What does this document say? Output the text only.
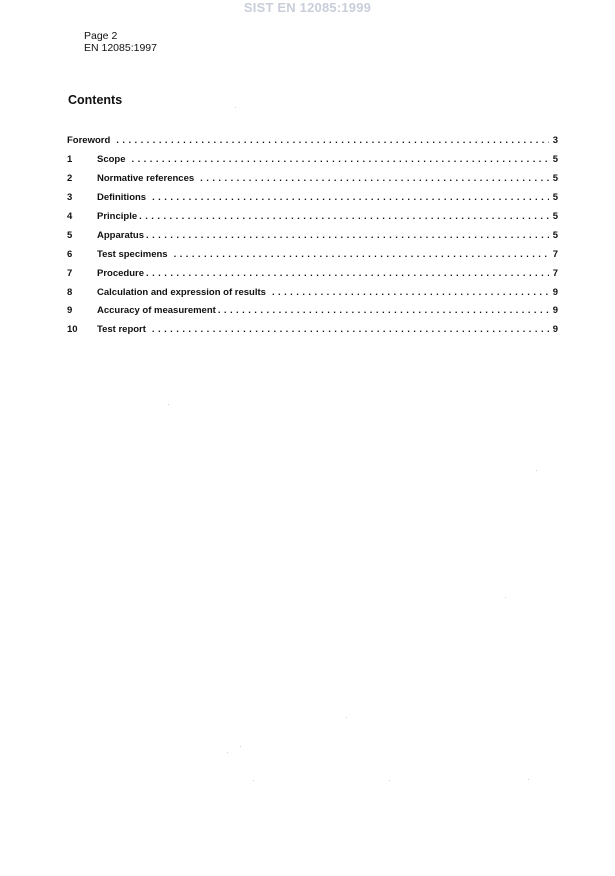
SIST EN 12085:1999
Page 2
EN 12085:1997
Contents
Foreword . . .	3
1	Scope . . .	5
2	Normative references . . .	5
3	Definitions . . .	5
4	Principle . . .	5
5	Apparatus . . .	5
6	Test specimens . . .	7
7	Procedure . . .	7
8	Calculation and expression of results . . .	9
9	Accuracy of measurement . . .	9
10	Test report . . .	9
